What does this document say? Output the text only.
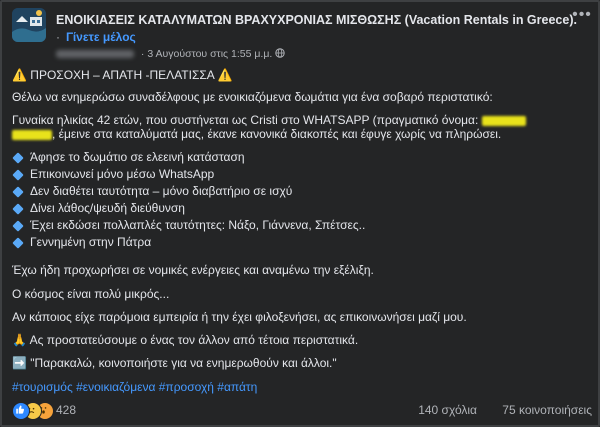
ΕΝΟΙΚΙΑΣΕΙΣ ΚΑΤΑΛΥΜΑΤΩΝ ΒΡΑΧΥΧΡΟΝΙΑΣ ΜΙΣΘΩΣΗΣ (Vacation Rentals in Greece).
· Γίνετε μέλος
•••
· 3 Αυγούστου στις 1:55 μ.μ.
⚠️ ΠΡΟΣΟΧΗ – ΑΠΑΤΗ -ΠΕΛΑΤΙΣΣΑ ⚠️
Θέλω να ενημερώσω συναδέλφους με ενοικιαζόμενα δωμάτια για ένα σοβαρό περιστατικό:
Γυναίκα ηλικίας 42 ετών, που συστήνεται ως Cristi στο WHATSAPP (πραγματικό όνομα:
, έμεινε στα καταλύματά μας, έκανε κανονικά διακοπές και έφυγε χωρίς να πληρώσει.
Άφησε το δωμάτιο σε ελεεινή κατάσταση
Επικοινωνεί μόνο μέσω WhatsApp
Δεν διαθέτει ταυτότητα – μόνο διαβατήριο σε ισχύ
Δίνει λάθος/ψευδή διεύθυνση
Έχει εκδώσει πολλαπλές ταυτότητες: Νάξο, Γιάννενα, Σπέτσες..
Γεννημένη στην Πάτρα
Έχω ήδη προχωρήσει σε νομικές ενέργειες και αναμένω την εξέλιξη.
Ο κόσμος είναι πολύ μικρός...
Αν κάποιος είχε παρόμοια εμπειρία ή την έχει φιλοξενήσει, ας επικοινωνήσει μαζί μου.
🙏 Ας προστατεύσουμε ο ένας τον άλλον από τέτοια περιστατικά.
➡️ "Παρακαλώ, κοινοποιήστε για να ενημερωθούν και άλλοι."
#τουρισμός #ενοικιαζόμενα #προσοχή #απάτη
428	140 σχόλια 75 κοινοποιήσεις
